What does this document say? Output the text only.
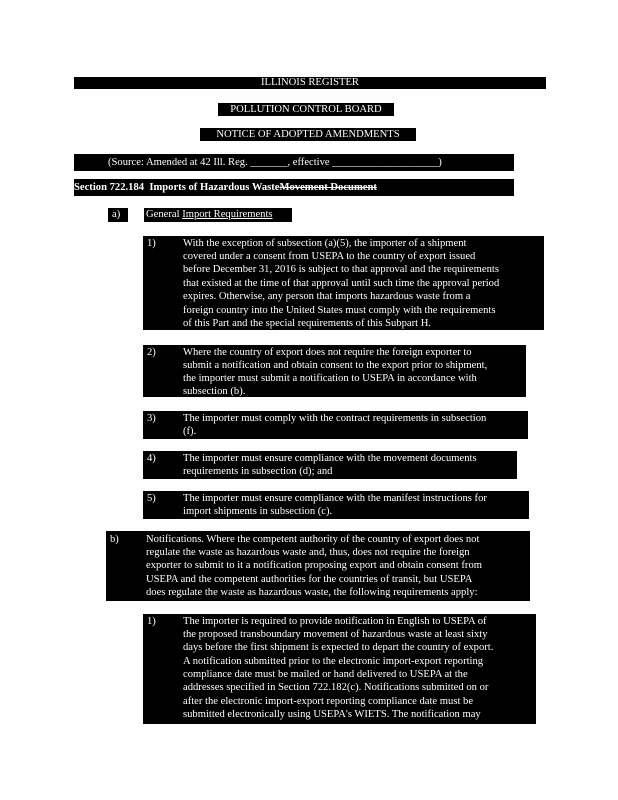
ILLINOIS REGISTER
POLLUTION CONTROL BOARD
NOTICE OF ADOPTED AMENDMENTS
(Source: Amended at 42 Ill. Reg. _______, effective ____________________)
Section 722.184 Imports of Hazardous WasteMovement Document
a) General Import Requirements
1)	With the exception of subsection (a)(5), the importer of a shipment
covered under a consent from USEPA to the country of export issued
before December 31, 2016 is subject to that approval and the requirements
that existed at the time of that approval until such time the approval period
expires. Otherwise, any person that imports hazardous waste from a
foreign country into the United States must comply with the requirements
of this Part and the special requirements of this Subpart H.
2)	Where the country of export does not require the foreign exporter to
submit a notification and obtain consent to the export prior to shipment,
the importer must submit a notification to USEPA in accordance with
subsection (b).
3)	The importer must comply with the contract requirements in subsection
(f).
4)	The importer must ensure compliance with the movement documents
requirements in subsection (d); and
5)	The importer must ensure compliance with the manifest instructions for
import shipments in subsection (c).
b)	Notifications. Where the competent authority of the country of export does not
regulate the waste as hazardous waste and, thus, does not require the foreign
exporter to submit to it a notification proposing export and obtain consent from
USEPA and the competent authorities for the countries of transit, but USEPA
does regulate the waste as hazardous waste, the following requirements apply:
1)	The importer is required to provide notification in English to USEPA of
the proposed transboundary movement of hazardous waste at least sixty
days before the first shipment is expected to depart the country of export.
A notification submitted prior to the electronic import-export reporting
compliance date must be mailed or hand delivered to USEPA at the
addresses specified in Section 722.182(c). Notifications submitted on or
after the electronic import-export reporting compliance date must be
submitted electronically using USEPA's WIETS. The notification may
